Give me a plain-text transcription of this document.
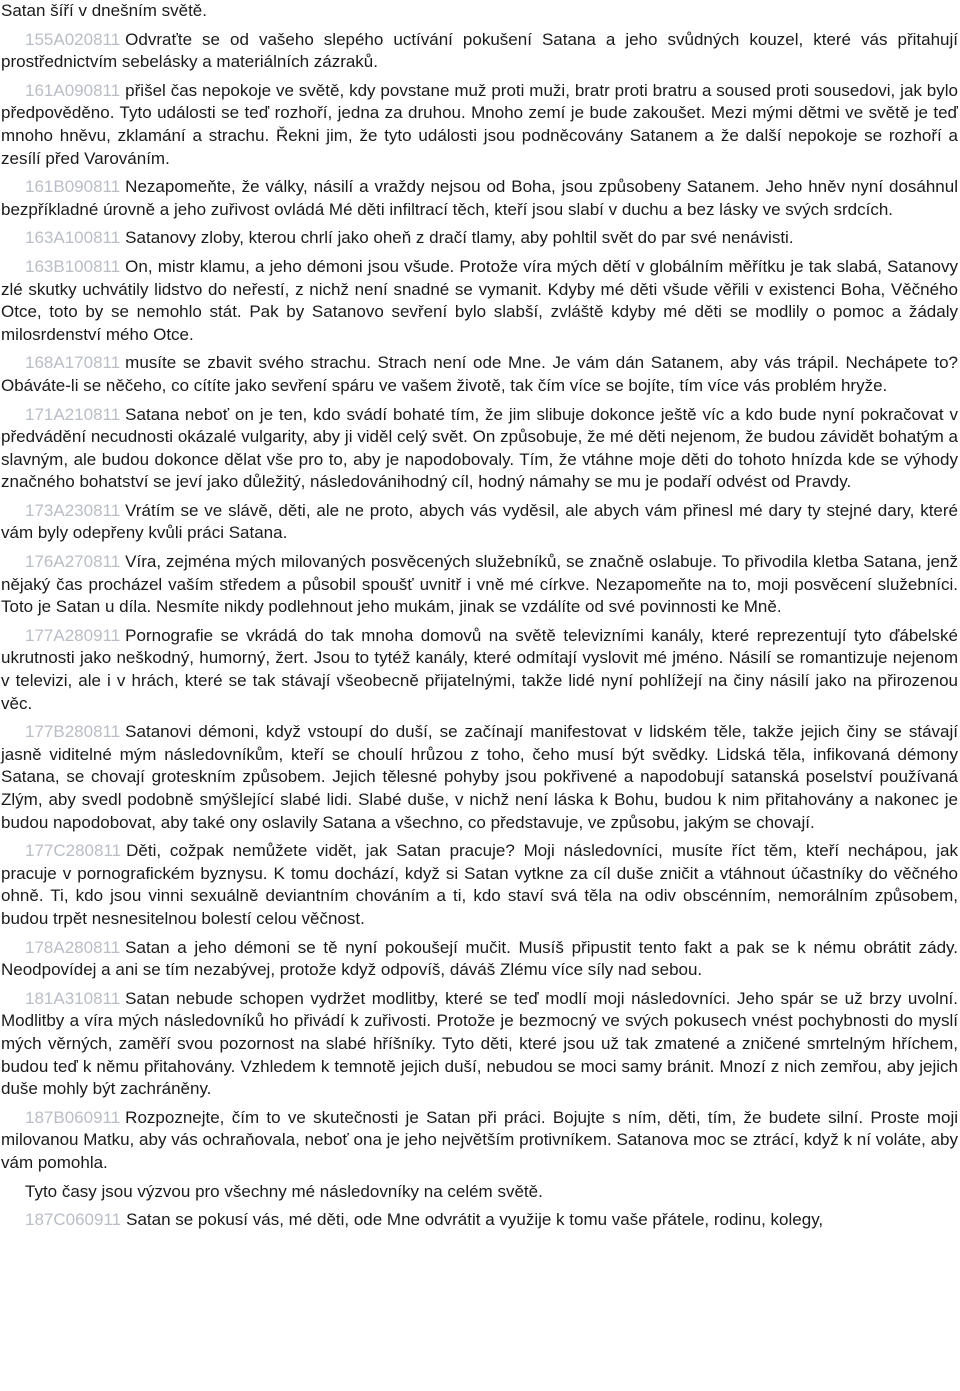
Satan šíří v dnešním světě.

155A020811 Odvraťte se od vašeho slepého uctívání pokušení Satana a jeho svůdných kouzel, které vás přitahují prostřednictvím sebelásky a materiálních zázraků.

161A090811 přišel čas nepokoje ve světě, kdy povstane muž proti muži, bratr proti bratru a soused proti sousedovi, jak bylo předpověděno. Tyto události se teď rozhoří, jedna za druhou. Mnoho zemí je bude zakoušet. Mezi mými dětmi ve světě je teď mnoho hněvu, zklamání a strachu. Řekni jim, že tyto události jsou podněcovány Satanem a že další nepokoje se rozhoří a zesílí před Varováním.

161B090811 Nezapomeňte, že války, násilí a vraždy nejsou od Boha, jsou způsobeny Satanem. Jeho hněv nyní dosáhnul bezpříkladné úrovně a jeho zuřivost ovládá Mé děti infiltrací těch, kteří jsou slabí v duchu a bez lásky ve svých srdcích.

163A100811 Satanovy zloby, kterou chrlí jako oheň z dračí tlamy, aby pohltil svět do par své nenávisti.

163B100811 On, mistr klamu, a jeho démoni jsou všude. Protože víra mých dětí v globálním měřítku je tak slabá, Satanovy zlé skutky uchvátily lidstvo do neřestí, z nichž není snadné se vymanit. Kdyby mé děti všude věřili v existenci Boha, Věčného Otce, toto by se nemohlo stát. Pak by Satanovo sevření bylo slabší, zvláště kdyby mé děti se modlily o pomoc a žádaly milosrdenství mého Otce.

168A170811 musíte se zbavit svého strachu. Strach není ode Mne. Je vám dán Satanem, aby vás trápil. Nechápete to? Obáváte-li se něčeho, co cítíte jako sevření spáru ve vašem životě, tak čím více se bojíte, tím více vás problém hryže.

171A210811 Satana neboť on je ten, kdo svádí bohaté tím, že jim slibuje dokonce ještě víc a kdo bude nyní pokračovat v předvádění necudnosti okázalé vulgarity, aby ji viděl celý svět. On způsobuje, že mé děti nejenom, že budou závidět bohatým a slavným, ale budou dokonce dělat vše pro to, aby je napodobovaly. Tím, že vtáhne moje děti do tohoto hnízda kde se výhody značného bohatství se jeví jako důležitý, následovánihodný cíl, hodný námahy se mu je podaří odvést od Pravdy.

173A230811 Vrátím se ve slávě, děti, ale ne proto, abych vás vyděsil, ale abych vám přinesl mé dary ty stejné dary, které vám byly odepřeny kvůli práci Satana.

176A270811 Víra, zejména mých milovaných posvěcených služebníků, se značně oslabuje. To přivodila kletba Satana, jenž nějaký čas procházel vaším středem a působil spoušť uvnitř i vně mé církve. Nezapomeňte na to, moji posvěcení služebníci. Toto je Satan u díla. Nesmíte nikdy podlehnout jeho mukám, jinak se vzdálíte od své povinnosti ke Mně.

177A280911 Pornografie se vkrádá do tak mnoha domovů na světě televizními kanály, které reprezentují tyto ďábelské ukrutnosti jako neškodný, humorný, žert. Jsou to tytéž kanály, které odmítají vyslovit mé jméno. Násilí se romantizuje nejenom v televizi, ale i v hrách, které se tak stávají všeobecně přijatelnými, takže lidé nyní pohlížejí na činy násilí jako na přirozenou věc.

177B280811 Satanovi démoni, když vstoupí do duší, se začínají manifestovat v lidském těle, takže jejich činy se stávají jasně viditelné mým následovníkům, kteří se choulí hrůzou z toho, čeho musí být svědky. Lidská těla, infikovaná démony Satana, se chovají groteskním způsobem. Jejich tělesné pohyby jsou pokřivené a napodobují satanská poselství používaná Zlým, aby svedl podobně smýšlející slabé lidi. Slabé duše, v nichž není láska k Bohu, budou k nim přitahovány a nakonec je budou napodobovat, aby také ony oslavily Satana a všechno, co představuje, ve způsobu, jakým se chovají.

177C280811 Děti, cožpak nemůžete vidět, jak Satan pracuje? Moji následovníci, musíte říct těm, kteří nechápou, jak pracuje v pornografickém byznysu. K tomu dochází, když si Satan vytkne za cíl duše zničit a vtáhnout účastníky do věčného ohně. Ti, kdo jsou vinni sexuálně deviantním chováním a ti, kdo staví svá těla na odiv obscénním, nemorálním způsobem, budou trpět nesnesitelnou bolestí celou věčnost.

178A280811 Satan a jeho démoni se tě nyní pokoušejí mučit. Musíš připustit tento fakt a pak se k nému obrátit zády. Neodpovídej a ani se tím nezabývej, protože když odpovíš, dáváš Zlému více síly nad sebou.

181A310811 Satan nebude schopen vydržet modlitby, které se teď modlí moji následovníci. Jeho spár se už brzy uvolní. Modlitby a víra mých následovníků ho přivádí k zuřivosti. Protože je bezmocný ve svých pokusech vnést pochybnosti do myslí mých věrných, zaměří svou pozornost na slabé hříšníky. Tyto děti, které jsou už tak zmatené a zničené smrtelným hříchem, budou teď k němu přitahovány. Vzhledem k temnotě jejich duší, nebudou se moci samy bránit. Mnozí z nich zemřou, aby jejich duše mohly být zachráněny.

187B060911 Rozpoznejte, čím to ve skutečnosti je Satan při práci. Bojujte s ním, děti, tím, že budete silní. Proste moji milovanou Matku, aby vás ochraňovala, neboť ona je jeho největším protivníkem. Satanova moc se ztrácí, když k ní voláte, aby vám pomohla.

Tyto časy jsou výzvou pro všechny mé následovníky na celém světě.

187C060911 Satan se pokusí vás, mé děti, ode Mne odvrátit a využije k tomu vaše přátele, rodinu, kolegy,
